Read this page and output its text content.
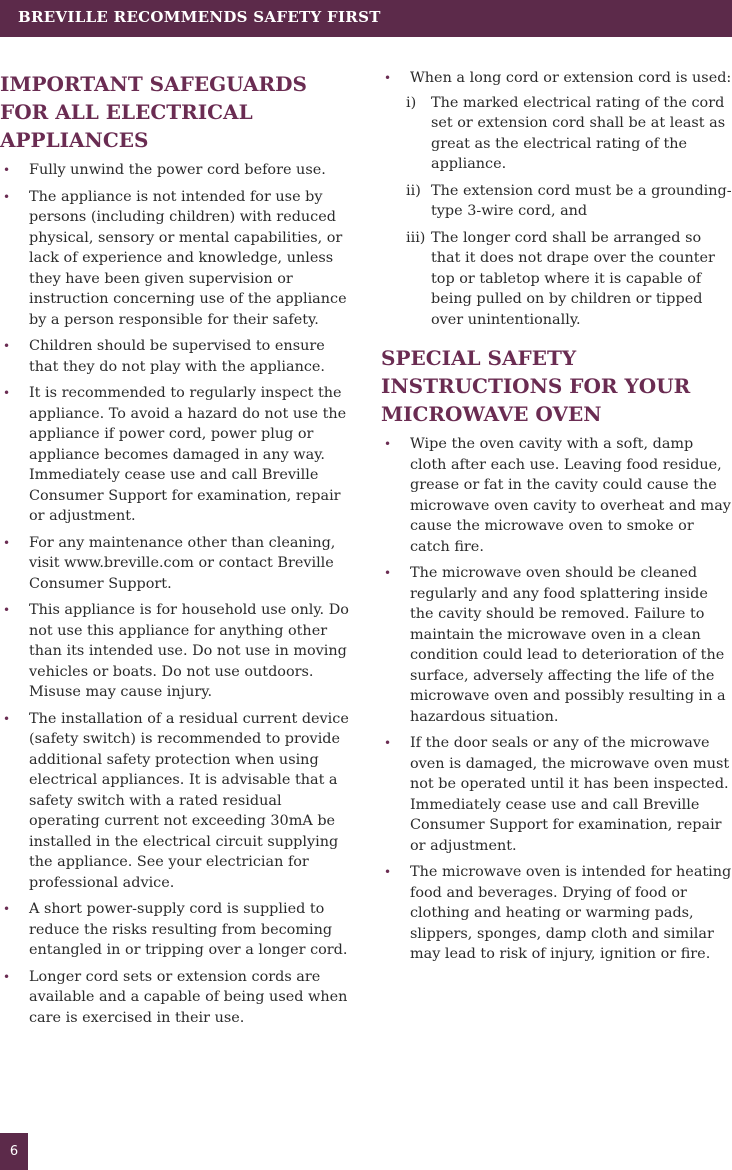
BREVILLE RECOMMENDS SAFETY FIRST
IMPORTANT SAFEGUARDS FOR ALL ELECTRICAL APPLIANCES
• Fully unwind the power cord before use.
• The appliance is not intended for use by persons (including children) with reduced physical, sensory or mental capabilities, or lack of experience and knowledge, unless they have been given supervision or instruction concerning use of the appliance by a person responsible for their safety.
• Children should be supervised to ensure that they do not play with the appliance.
• It is recommended to regularly inspect the appliance. To avoid a hazard do not use the appliance if power cord, power plug or appliance becomes damaged in any way. Immediately cease use and call Breville Consumer Support for examination, repair or adjustment.
• For any maintenance other than cleaning, visit www.breville.com or contact Breville Consumer Support.
• This appliance is for household use only. Do not use this appliance for anything other than its intended use. Do not use in moving vehicles or boats. Do not use outdoors. Misuse may cause injury.
• The installation of a residual current device (safety switch) is recommended to provide additional safety protection when using electrical appliances. It is advisable that a safety switch with a rated residual operating current not exceeding 30mA be installed in the electrical circuit supplying the appliance. See your electrician for professional advice.
• A short power-supply cord is supplied to reduce the risks resulting from becoming entangled in or tripping over a longer cord.
• Longer cord sets or extension cords are available and a capable of being used when care is exercised in their use.
• When a long cord or extension cord is used:
i) The marked electrical rating of the cord set or extension cord shall be at least as great as the electrical rating of the appliance.
ii) The extension cord must be a grounding-type 3-wire cord, and
iii) The longer cord shall be arranged so that it does not drape over the counter top or tabletop where it is capable of being pulled on by children or tipped over unintentionally.
SPECIAL SAFETY INSTRUCTIONS FOR YOUR MICROWAVE OVEN
• Wipe the oven cavity with a soft, damp cloth after each use. Leaving food residue, grease or fat in the cavity could cause the microwave oven cavity to overheat and may cause the microwave oven to smoke or catch fire.
• The microwave oven should be cleaned regularly and any food splattering inside the cavity should be removed. Failure to maintain the microwave oven in a clean condition could lead to deterioration of the surface, adversely affecting the life of the microwave oven and possibly resulting in a hazardous situation.
• If the door seals or any of the microwave oven is damaged, the microwave oven must not be operated until it has been inspected. Immediately cease use and call Breville Consumer Support for examination, repair or adjustment.
• The microwave oven is intended for heating food and beverages. Drying of food or clothing and heating or warming pads, slippers, sponges, damp cloth and similar may lead to risk of injury, ignition or fire.
6
